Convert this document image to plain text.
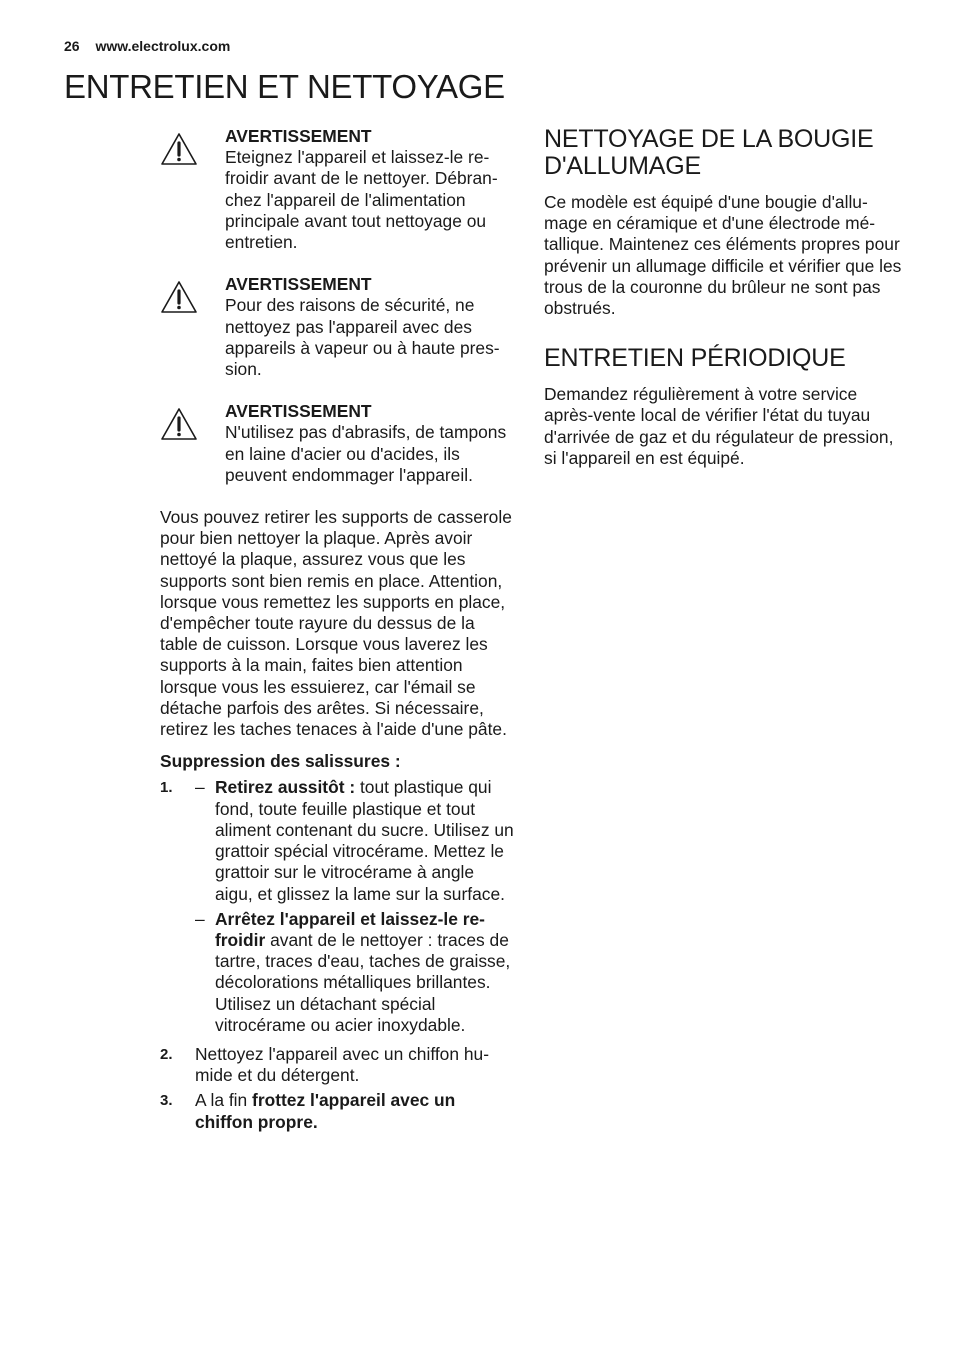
26 www.electrolux.com
ENTRETIEN ET NETTOYAGE
AVERTISSEMENT
Eteignez l'appareil et laissez-le refroidir avant de le nettoyer. Débranchez l'appareil de l'alimentation principale avant tout nettoyage ou entretien.
AVERTISSEMENT
Pour des raisons de sécurité, ne nettoyez pas l'appareil avec des appareils à vapeur ou à haute pression.
AVERTISSEMENT
N'utilisez pas d'abrasifs, de tampons en laine d'acier ou d'acides, ils peuvent endommager l'appareil.

Vous pouvez retirer les supports de casserole pour bien nettoyer la plaque. Après avoir nettoyé la plaque, assurez vous que les supports sont bien remis en place. Attention, lorsque vous remettez les supports en place, d'empêcher toute rayure du dessus de la table de cuisson. Lorsque vous laverez les supports à la main, faites bien attention lorsque vous les essuierez, car l'émail se détache parfois des arêtes. Si nécessaire, retirez les taches tenaces à l'aide d'une pâte.

Suppression des salissures :

1.	– Retirez aussitôt : tout plastique qui fond, toute feuille plastique et tout aliment contenant du sucre. Utilisez un grattoir spécial vitrocérame. Mettez le grattoir sur le vitrocérame à angle aigu, et glissez la lame sur la surface.
– Arrêtez l'appareil et laissez-le refroidir avant de le nettoyer : traces de tartre, traces d'eau, taches de graisse, décolorations métalliques brillantes. Utilisez un détachant spécial vitrocérame ou acier inoxydable.
2.	Nettoyez l'appareil avec un chiffon humide et du détergent.
3.	A la fin frottez l'appareil avec un chiffon propre.
NETTOYAGE DE LA BOUGIE D'ALLUMAGE

Ce modèle est équipé d'une bougie d'allumage en céramique et d'une électrode métallique. Maintenez ces éléments propres pour prévenir un allumage difficile et vérifier que les trous de la couronne du brûleur ne sont pas obstrués.

ENTRETIEN PÉRIODIQUE

Demandez régulièrement à votre service après-vente local de vérifier l'état du tuyau d'arrivée de gaz et du régulateur de pression, si l'appareil en est équipé.
